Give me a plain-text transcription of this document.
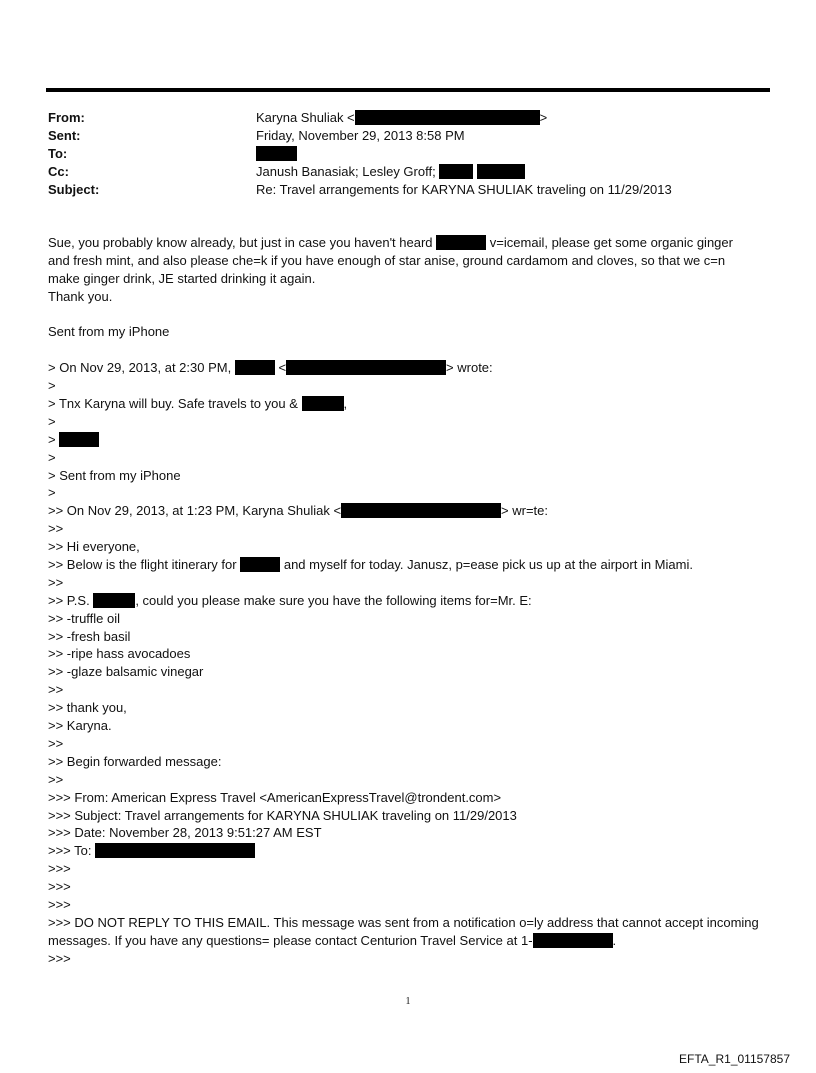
From:	Karyna Shuliak <	>
Sent:	Friday, November 29, 2013 8:58 PM
To:
Cc:	Janush Banasiak; Lesley Groff;
Subject:	Re: Travel arrangements for KARYNA SHULIAK traveling on 11/29/2013
Sue, you probably know already, but just in case you haven't heard	v=icemail, please get some organic ginger
and fresh mint, and also please che=k if you have enough of star anise, ground cardamom and cloves, so that we c=n
make ginger drink, JE started drinking it again.
Thank you.
Sent from my iPhone
> On Nov 29, 2013, at 2:30 PM,	<	> wrote:
>
> Tnx Karyna will buy. Safe travels to you &	,
>
>
>
> Sent from my iPhone
>
>> On Nov 29, 2013, at 1:23 PM, Karyna Shuliak <	> wr=te:
>>
>> Hi everyone,
>> Below is the flight itinerary for	and myself for today. Janusz, p=ease pick us up at the airport in Miami.
>>
>> P.S.	, could you please make sure you have the following items for=Mr. E:
>> -truffle oil
>> -fresh basil
>> -ripe hass avocadoes
>> -glaze balsamic vinegar
>>
>> thank you,
>> Karyna.
>>
>> Begin forwarded message:
>>
>>> From: American Express Travel <AmericanExpressTravel@trondent.com>
>>> Subject: Travel arrangements for KARYNA SHULIAK traveling on 11/29/2013
>>> Date: November 28, 2013 9:51:27 AM EST
>>> To:
>>>
>>>
>>>
>>> DO NOT REPLY TO THIS EMAIL. This message was sent from a notification o=ly address that cannot accept incoming
messages. If you have any questions= please contact Centurion Travel Service at 1-	.
>>>
1
EFTA_R1_01157857
